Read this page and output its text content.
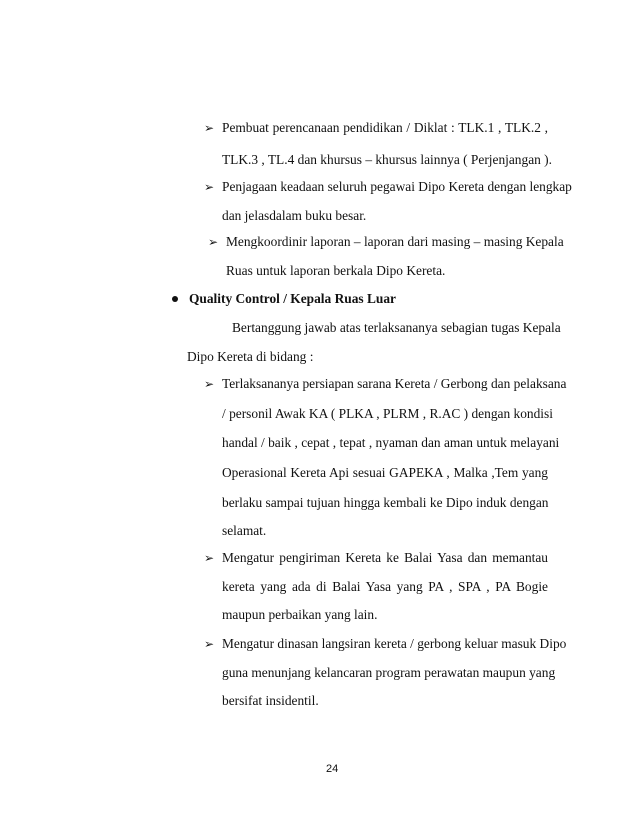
➢ Pembuat perencanaan pendidikan / Diklat : TLK.1 , TLK.2 ,
TLK.3 , TL.4 dan khursus – khursus lainnya ( Perjenjangan ).
➢ Penjagaan keadaan seluruh pegawai Dipo Kereta dengan lengkap
dan jelasdalam buku besar.
➢ Mengkoordinir laporan – laporan dari masing – masing Kepala
Ruas untuk laporan berkala Dipo Kereta.
Quality Control / Kepala Ruas Luar
Bertanggung jawab atas terlaksananya sebagian tugas Kepala
Dipo Kereta di bidang :
➢ Terlaksananya persiapan sarana Kereta / Gerbong dan pelaksana
/ personil Awak KA ( PLKA , PLRM , R.AC ) dengan kondisi
handal / baik , cepat , tepat , nyaman dan aman untuk melayani
Operasional Kereta Api sesuai GAPEKA , Malka ,Tem yang
berlaku sampai tujuan hingga kembali ke Dipo induk dengan
selamat.
➢ Mengatur pengiriman Kereta ke Balai Yasa dan memantau
kereta yang ada di Balai Yasa yang PA , SPA , PA Bogie
maupun perbaikan yang lain.
➢ Mengatur dinasan langsiran kereta / gerbong keluar masuk Dipo
guna menunjang kelancaran program perawatan maupun yang
bersifat insidentil.
24
